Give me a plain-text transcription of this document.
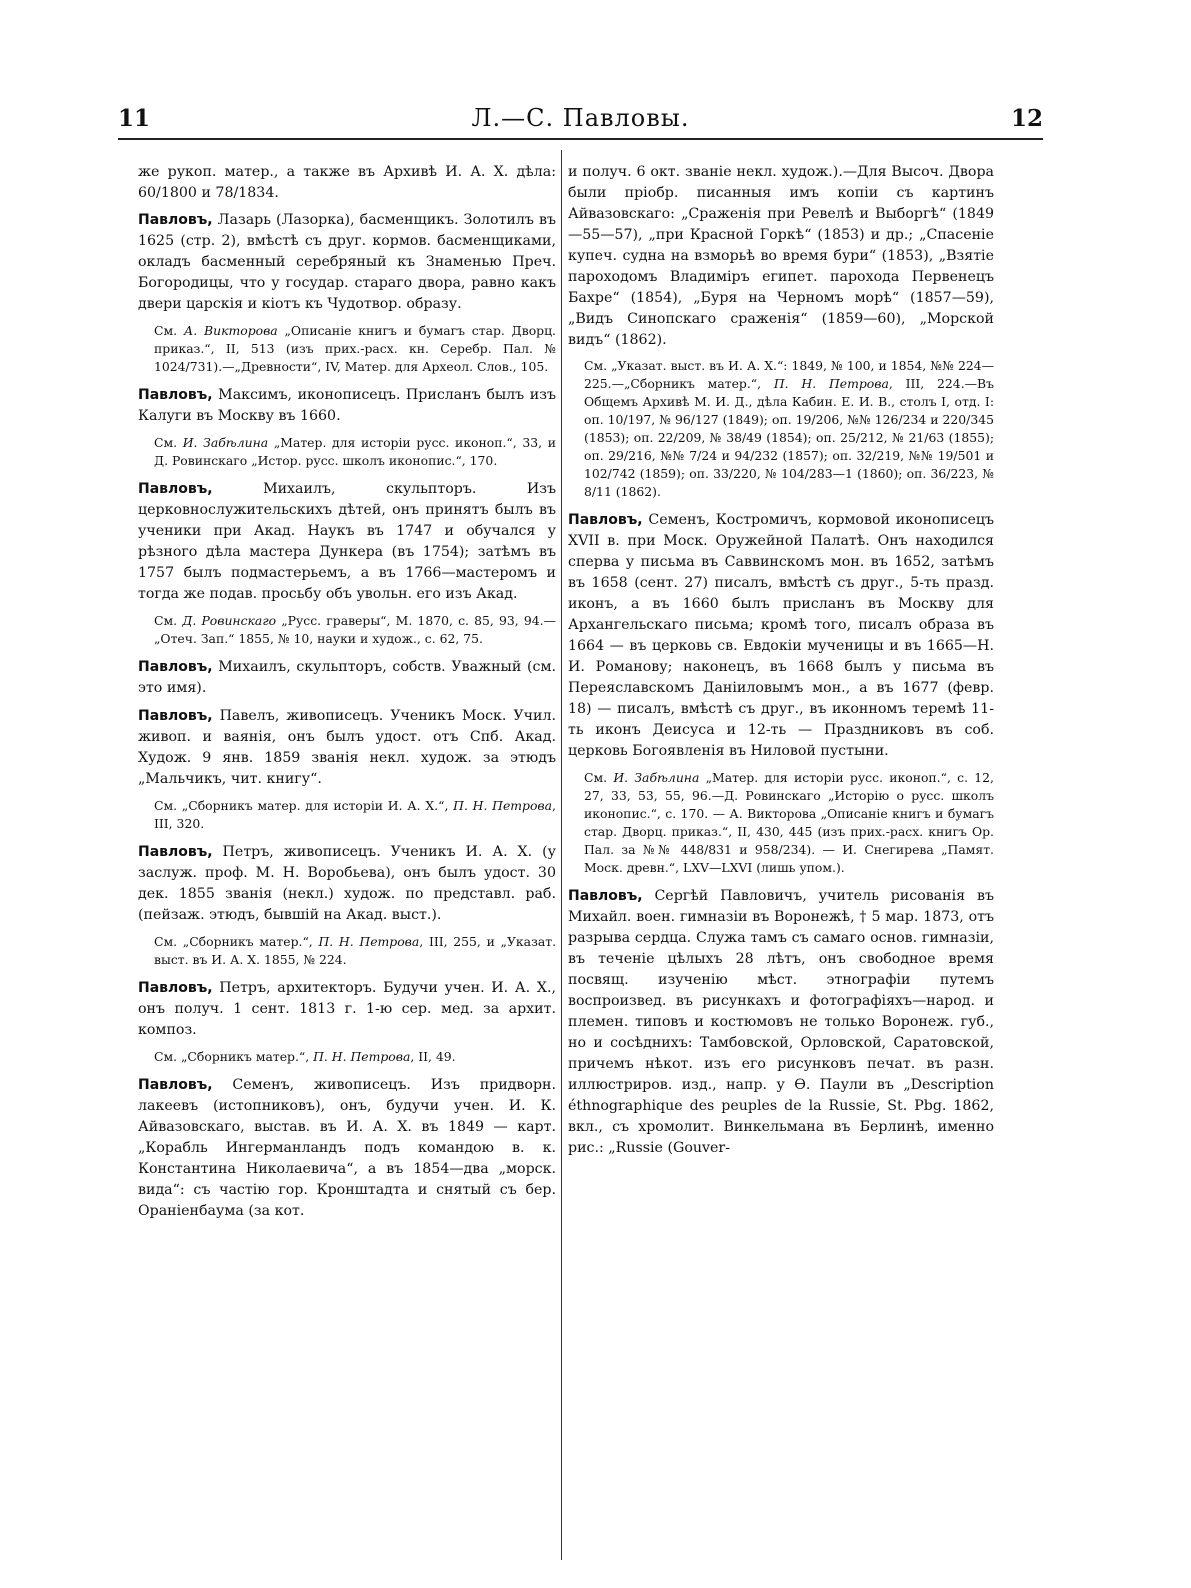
11	Л.—С. Павловы.	12

же рукоп. матер., а также въ Архивѣ И. А. Х. дѣла: 60/1800 и 78/1834.

Павловъ, Лазарь (Лазорка), басменщикъ. Золотилъ въ 1625 (стр. 2), вмѣстѣ съ друг. кормов. басменщиками, окладъ басменный серебряный къ Знаменью Преч. Богородицы, что у государ. стараго двора, равно какъ двери царскія и кіотъ къ Чудотвор. образу.

См. А. Викторова „Описаніе книгъ и бумагъ стар. Дворц. приказ.“, II, 513 (изъ прих.-расх. кн. Серебр. Пал. № 1024/731).—„Древности“, IV, Матер. для Археол. Слов., 105.

Павловъ, Максимъ, иконописецъ. Присланъ былъ изъ Калуги въ Москву въ 1660.

См. И. Забѣлина „Матер. для исторіи русс. иконоп.“, 33, и Д. Ровинскаго „Истор. русс. школъ иконопис.“, 170.

Павловъ, Михаилъ, скульпторъ. Изъ церковнослужительскихъ дѣтей, онъ принятъ былъ въ ученики при Акад. Наукъ въ 1747 и обучался у рѣзного дѣла мастера Дункера (въ 1754); затѣмъ въ 1757 былъ подмастерьемъ, а въ 1766—мастеромъ и тогда же подав. просьбу объ увольн. его изъ Акад.

См. Д. Ровинскаго „Русс. граверы“, М. 1870, с. 85, 93, 94.—„Отеч. Зап.“ 1855, № 10, науки и худож., с. 62, 75.

Павловъ, Михаилъ, скульпторъ, собств. Уважный (см. это имя).

Павловъ, Павелъ, живописецъ. Ученикъ Моск. Учил. живоп. и ваянія, онъ былъ удост. отъ Спб. Акад. Худож. 9 янв. 1859 званія некл. худож. за этюдъ „Мальчикъ, чит. книгу“.

См. „Сборникъ матер. для исторіи И. А. Х.“, П. Н. Петрова, III, 320.

Павловъ, Петръ, живописецъ. Ученикъ И. А. Х. (у заслуж. проф. М. Н. Воробьева), онъ былъ удост. 30 дек. 1855 званія (некл.) худож. по представл. раб. (пейзаж. этюдъ, бывшій на Акад. выст.).

См. „Сборникъ матер.“, П. Н. Петрова, III, 255, и „Указат. выст. въ И. А. Х. 1855, № 224.

Павловъ, Петръ, архитекторъ. Будучи учен. И. А. Х., онъ получ. 1 сент. 1813 г. 1-ю сер. мед. за архит. композ.

См. „Сборникъ матер.“, П. Н. Петрова, II, 49.

Павловъ, Семенъ, живописецъ. Изъ придворн. лакеевъ (истопниковъ), онъ, будучи учен. И. К. Айвазовскаго, выстав. въ И. А. Х. въ 1849 — карт. „Корабль Ингерманландъ подъ командою в. к. Константина Николаевича“, а въ 1854—два „морск. вида“: съ частію гор. Кронштадта и снятый съ бер. Ораніенбаума (за кот.

и получ. 6 окт. званіе некл. худож.).—Для Высоч. Двора были пріобр. писанныя имъ копіи съ картинъ Айвазовскаго: „Сраженія при Ревелѣ и Выборгѣ“ (1849—55—57), „при Красной Горкѣ“ (1853) и др.; „Спасеніе купеч. судна на взморьѣ во время бури“ (1853), „Взятіе пароходомъ Владиміръ египет. парохода Первенецъ Бахре“ (1854), „Буря на Черномъ морѣ“ (1857—59), „Видъ Синопскаго сраженія“ (1859—60), „Морской видъ“ (1862).

См. „Указат. выст. въ И. А. Х.“: 1849, № 100, и 1854, №№ 224—225.—„Сборникъ матер.“, П. Н. Петрова, III, 224.—Въ Общемъ Архивѣ М. И. Д., дѣла Кабин. Е. И. В., столъ I, отд. I: оп. 10/197, № 96/127 (1849); оп. 19/206, №№ 126/234 и 220/345 (1853); оп. 22/209, № 38/49 (1854); оп. 25/212, № 21/63 (1855); оп. 29/216, №№ 7/24 и 94/232 (1857); оп. 32/219, №№ 19/501 и 102/742 (1859); оп. 33/220, № 104/283—1 (1860); оп. 36/223, № 8/11 (1862).

Павловъ, Семенъ, Костромичъ, кормовой иконописецъ XVII в. при Моск. Оружейной Палатѣ. Онъ находился сперва у письма въ Саввинскомъ мон. въ 1652, затѣмъ въ 1658 (сент. 27) писалъ, вмѣстѣ съ друг., 5-ть празд. иконъ, а въ 1660 былъ присланъ въ Москву для Архангельскаго письма; кромѣ того, писалъ образа въ 1664 — въ церковь св. Евдокіи мученицы и въ 1665—Н. И. Романову; наконецъ, въ 1668 былъ у письма въ Переяславскомъ Даніиловымъ мон., а въ 1677 (февр. 18) — писалъ, вмѣстѣ съ друг., въ иконномъ теремѣ 11-ть иконъ Деисуса и 12-ть — Праздниковъ въ соб. церковь Богоявленія въ Ниловой пустыни.

См. И. Забѣлина „Матер. для исторіи русс. иконоп.“, с. 12, 27, 33, 53, 55, 96.—Д. Ровинскаго „Исторію о русс. школъ иконопис.“, с. 170. — А. Викторова „Описаніе книгъ и бумагъ стар. Дворц. приказ.“, II, 430, 445 (изъ прих.-расх. книгъ Ор. Пал. за №№ 448/831 и 958/234). — И. Снегирева „Памят. Моск. древн.“, LXV—LXVI (лишь упом.).

Павловъ, Сергѣй Павловичъ, учитель рисованія въ Михайл. воен. гимназіи въ Воронежѣ, † 5 мар. 1873, отъ разрыва сердца. Служа тамъ съ самаго основ. гимназіи, въ теченіе цѣлыхъ 28 лѣтъ, онъ свободное время посвящ. изученію мѣст. этнографіи путемъ воспроизвед. въ рисункахъ и фотографіяхъ—народ. и племен. типовъ и костюмовъ не только Воронеж. губ., но и сосѣднихъ: Тамбовской, Орловской, Саратовской, причемъ нѣкот. изъ его рисунковъ печат. въ разн. иллюстриров. изд., напр. у Ѳ. Паули въ „Description éthnographique des peuples de la Russie, St. Pbg. 1862, вкл., съ хромолит. Винкельмана въ Берлинѣ, именно рис.: „Russie (Gouver-
